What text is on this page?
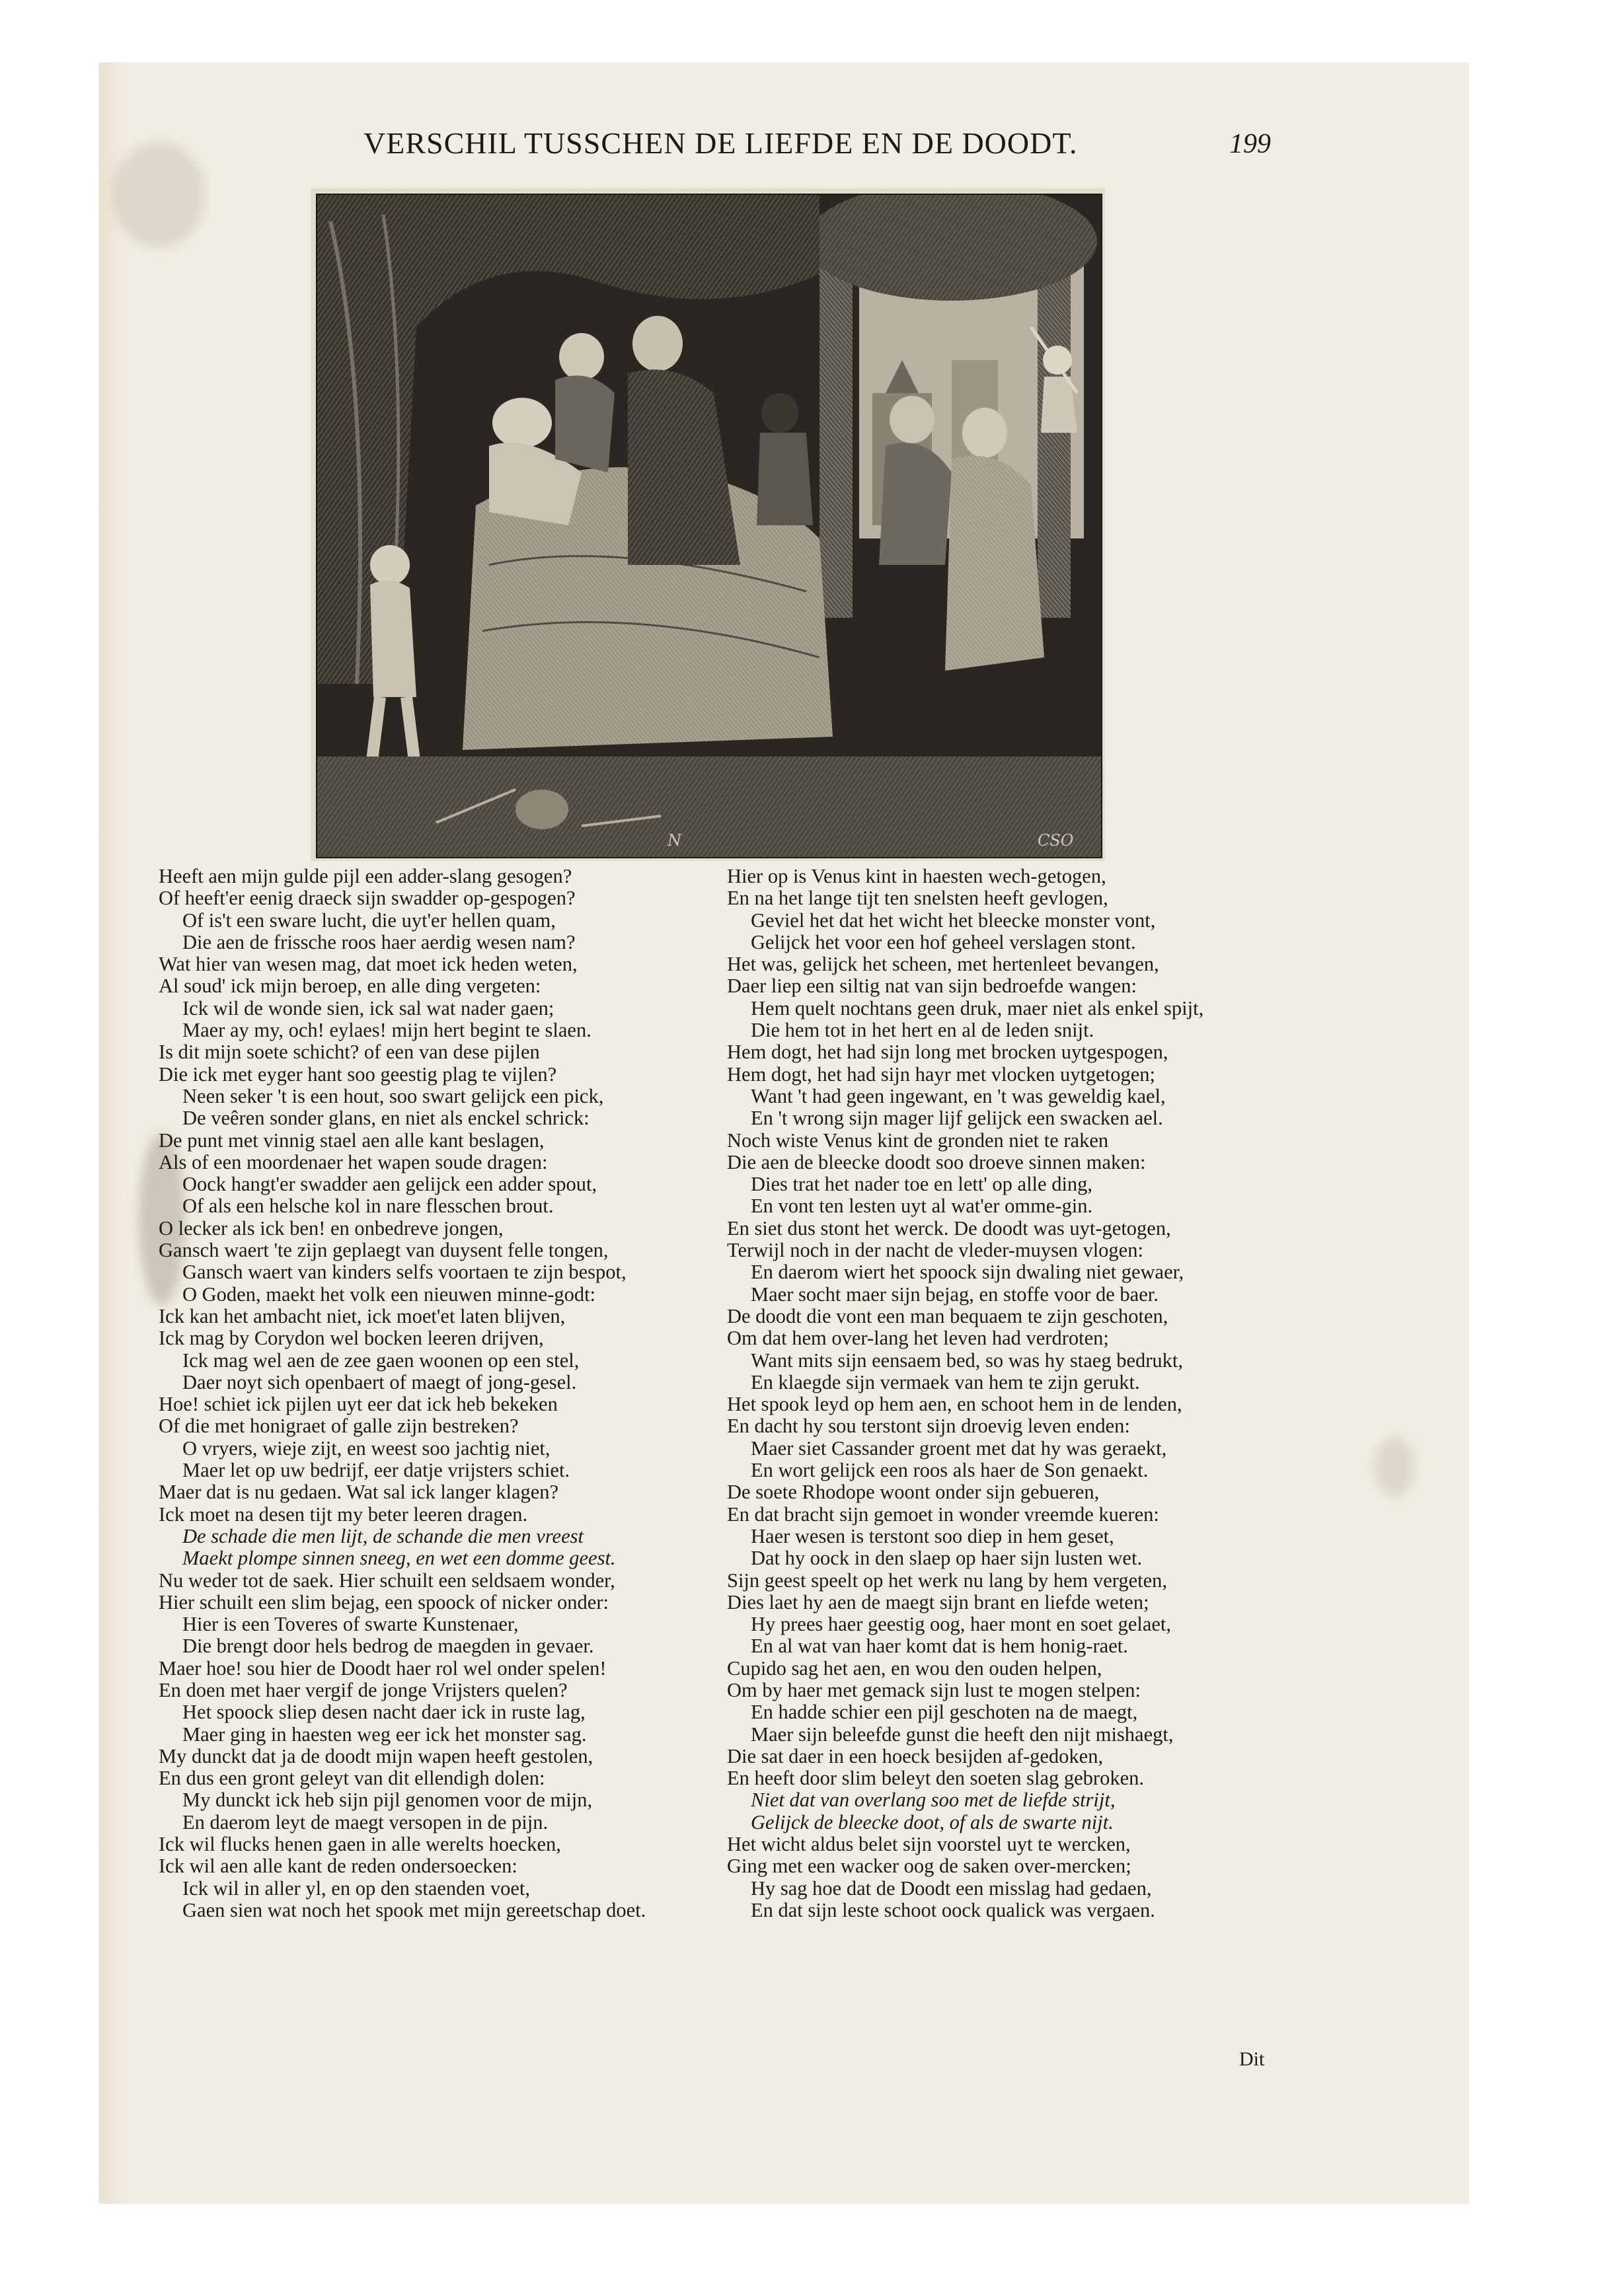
VERSCHIL TUSSCHEN DE LIEFDE EN DE DOODT.	199
N	CSO
Heeft aen mijn gulde pijl een adder-slang gesogen?
Of heeft'er eenig draeck sijn swadder op-gespogen?
Of is't een sware lucht, die uyt'er hellen quam,
Die aen de frissche roos haer aerdig wesen nam?
Wat hier van wesen mag, dat moet ick heden weten,
Al soud' ick mijn beroep, en alle ding vergeten:
Ick wil de wonde sien, ick sal wat nader gaen;
Maer ay my, och! eylaes! mijn hert begint te slaen.
Is dit mijn soete schicht? of een van dese pijlen
Die ick met eyger hant soo geestig plag te vijlen?
Neen seker 't is een hout, soo swart gelijck een pick,
De veêren sonder glans, en niet als enckel schrick:
De punt met vinnig stael aen alle kant beslagen,
Als of een moordenaer het wapen soude dragen:
Oock hangt'er swadder aen gelijck een adder spout,
Of als een helsche kol in nare flesschen brout.
O lecker als ick ben! en onbedreve jongen,
Gansch waert 'te zijn geplaegt van duysent felle tongen,
Gansch waert van kinders selfs voortaen te zijn bespot,
O Goden, maekt het volk een nieuwen minne-godt:
Ick kan het ambacht niet, ick moet'et laten blijven,
Ick mag by Corydon wel bocken leeren drijven,
Ick mag wel aen de zee gaen woonen op een stel,
Daer noyt sich openbaert of maegt of jong-gesel.
Hoe! schiet ick pijlen uyt eer dat ick heb bekeken
Of die met honigraet of galle zijn bestreken?
O vryers, wieje zijt, en weest soo jachtig niet,
Maer let op uw bedrijf, eer datje vrijsters schiet.
Maer dat is nu gedaen. Wat sal ick langer klagen?
Ick moet na desen tijt my beter leeren dragen.
De schade die men lijt, de schande die men vreest
Maekt plompe sinnen sneeg, en wet een domme geest.
Nu weder tot de saek. Hier schuilt een seldsaem wonder,
Hier schuilt een slim bejag, een spoock of nicker onder:
Hier is een Toveres of swarte Kunstenaer,
Die brengt door hels bedrog de maegden in gevaer.
Maer hoe! sou hier de Doodt haer rol wel onder spelen!
En doen met haer vergif de jonge Vrijsters quelen?
Het spoock sliep desen nacht daer ick in ruste lag,
Maer ging in haesten weg eer ick het monster sag.
My dunckt dat ja de doodt mijn wapen heeft gestolen,
En dus een gront geleyt van dit ellendigh dolen:
My dunckt ick heb sijn pijl genomen voor de mijn,
En daerom leyt de maegt versopen in de pijn.
Ick wil flucks henen gaen in alle werelts hoecken,
Ick wil aen alle kant de reden ondersoecken:
Ick wil in aller yl, en op den staenden voet,
Gaen sien wat noch het spook met mijn gereetschap doet.
Hier op is Venus kint in haesten wech-getogen,
En na het lange tijt ten snelsten heeft gevlogen,
Geviel het dat het wicht het bleecke monster vont,
Gelijck het voor een hof geheel verslagen stont.
Het was, gelijck het scheen, met hertenleet bevangen,
Daer liep een siltig nat van sijn bedroefde wangen:
Hem quelt nochtans geen druk, maer niet als enkel spijt,
Die hem tot in het hert en al de leden snijt.
Hem dogt, het had sijn long met brocken uytgespogen,
Hem dogt, het had sijn hayr met vlocken uytgetogen;
Want 't had geen ingewant, en 't was geweldig kael,
En 't wrong sijn mager lijf gelijck een swacken ael.
Noch wiste Venus kint de gronden niet te raken
Die aen de bleecke doodt soo droeve sinnen maken:
Dies trat het nader toe en lett' op alle ding,
En vont ten lesten uyt al wat'er omme-gin.
En siet dus stont het werck. De doodt was uyt-getogen,
Terwijl noch in der nacht de vleder-muysen vlogen:
En daerom wiert het spoock sijn dwaling niet gewaer,
Maer socht maer sijn bejag, en stoffe voor de baer.
De doodt die vont een man bequaem te zijn geschoten,
Om dat hem over-lang het leven had verdroten;
Want mits sijn eensaem bed, so was hy staeg bedrukt,
En klaegde sijn vermaek van hem te zijn gerukt.
Het spook leyd op hem aen, en schoot hem in de lenden,
En dacht hy sou terstont sijn droevig leven enden:
Maer siet Cassander groent met dat hy was geraekt,
En wort gelijck een roos als haer de Son genaekt.
De soete Rhodope woont onder sijn gebueren,
En dat bracht sijn gemoet in wonder vreemde kueren:
Haer wesen is terstont soo diep in hem geset,
Dat hy oock in den slaep op haer sijn lusten wet.
Sijn geest speelt op het werk nu lang by hem vergeten,
Dies laet hy aen de maegt sijn brant en liefde weten;
Hy prees haer geestig oog, haer mont en soet gelaet,
En al wat van haer komt dat is hem honig-raet.
Cupido sag het aen, en wou den ouden helpen,
Om by haer met gemack sijn lust te mogen stelpen:
En hadde schier een pijl geschoten na de maegt,
Maer sijn beleefde gunst die heeft den nijt mishaegt,
Die sat daer in een hoeck besijden af-gedoken,
En heeft door slim beleyt den soeten slag gebroken.
Niet dat van overlang soo met de liefde strijt,
Gelijck de bleecke doot, of als de swarte nijt.
Het wicht aldus belet sijn voorstel uyt te wercken,
Ging met een wacker oog de saken over-mercken;
Hy sag hoe dat de Doodt een misslag had gedaen,
En dat sijn leste schoot oock qualick was vergaen.
Dit
